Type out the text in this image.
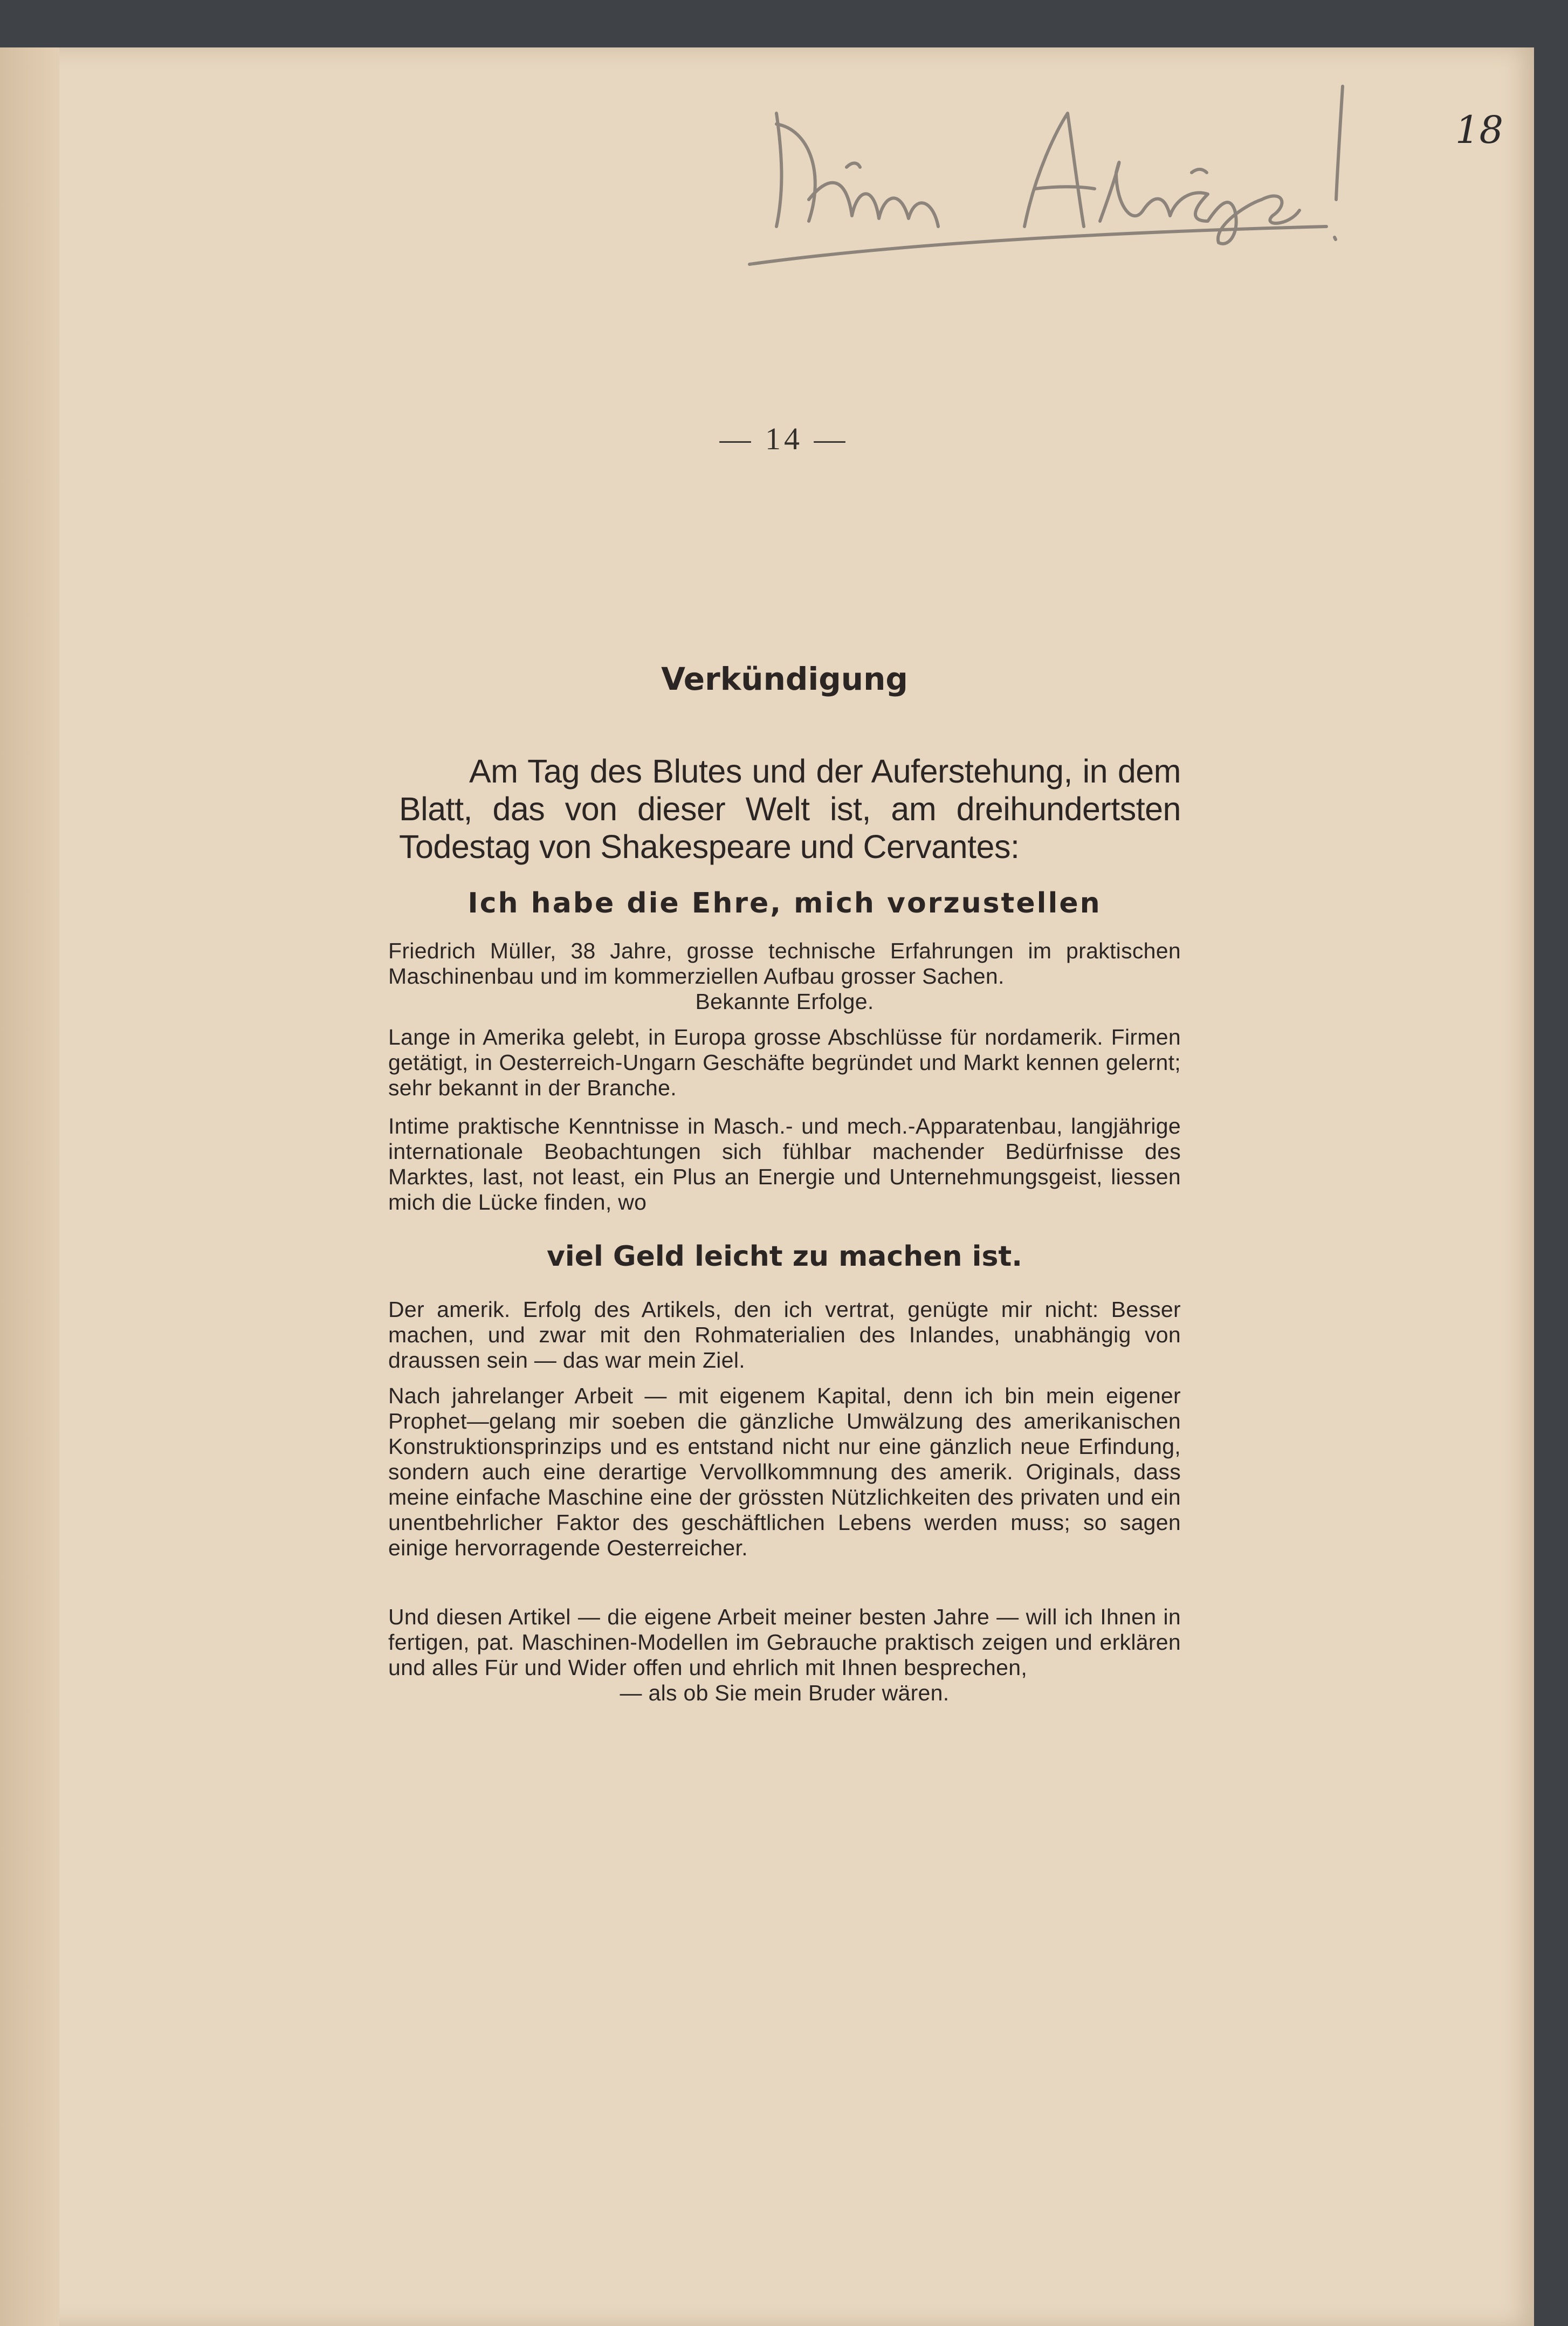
18
— 14 —
Verkündigung
Am Tag des Blutes und der Auferstehung, in dem Blatt, das von dieser Welt ist, am dreihundertsten Todestag von Shakespeare und Cervantes:
Ich habe die Ehre, mich vorzustellen
Friedrich Müller, 38 Jahre, grosse technische Erfahrungen im praktischen Maschinenbau und im kommerziellen Aufbau grosser Sachen.
Bekannte Erfolge.
Lange in Amerika gelebt, in Europa grosse Abschlüsse für nordamerik. Firmen getätigt, in Oesterreich-Ungarn Geschäfte begründet und Markt kennen gelernt; sehr bekannt in der Branche.
Intime praktische Kenntnisse in Masch.- und mech.-Apparatenbau, langjährige internationale Beobachtungen sich fühlbar machender Bedürfnisse des Marktes, last, not least, ein Plus an Energie und Unternehmungsgeist, liessen mich die Lücke finden, wo
viel Geld leicht zu machen ist.
Der amerik. Erfolg des Artikels, den ich vertrat, genügte mir nicht: Besser machen, und zwar mit den Rohmaterialien des Inlandes, unabhängig von draussen sein — das war mein Ziel.
Nach jahrelanger Arbeit — mit eigenem Kapital, denn ich bin mein eigener Prophet—gelang mir soeben die gänzliche Umwälzung des amerikanischen Konstruktionsprinzips und es entstand nicht nur eine gänzlich neue Erfindung, sondern auch eine derartige Vervollkommnung des amerik. Originals, dass meine einfache Maschine eine der grössten Nützlichkeiten des privaten und ein unentbehrlicher Faktor des geschäftlichen Lebens werden muss; so sagen einige hervorragende Oesterreicher.
Und diesen Artikel — die eigene Arbeit meiner besten Jahre — will ich Ihnen in fertigen, pat. Maschinen-Modellen im Gebrauche praktisch zeigen und erklären und alles Für und Wider offen und ehrlich mit Ihnen besprechen,
— als ob Sie mein Bruder wären.
